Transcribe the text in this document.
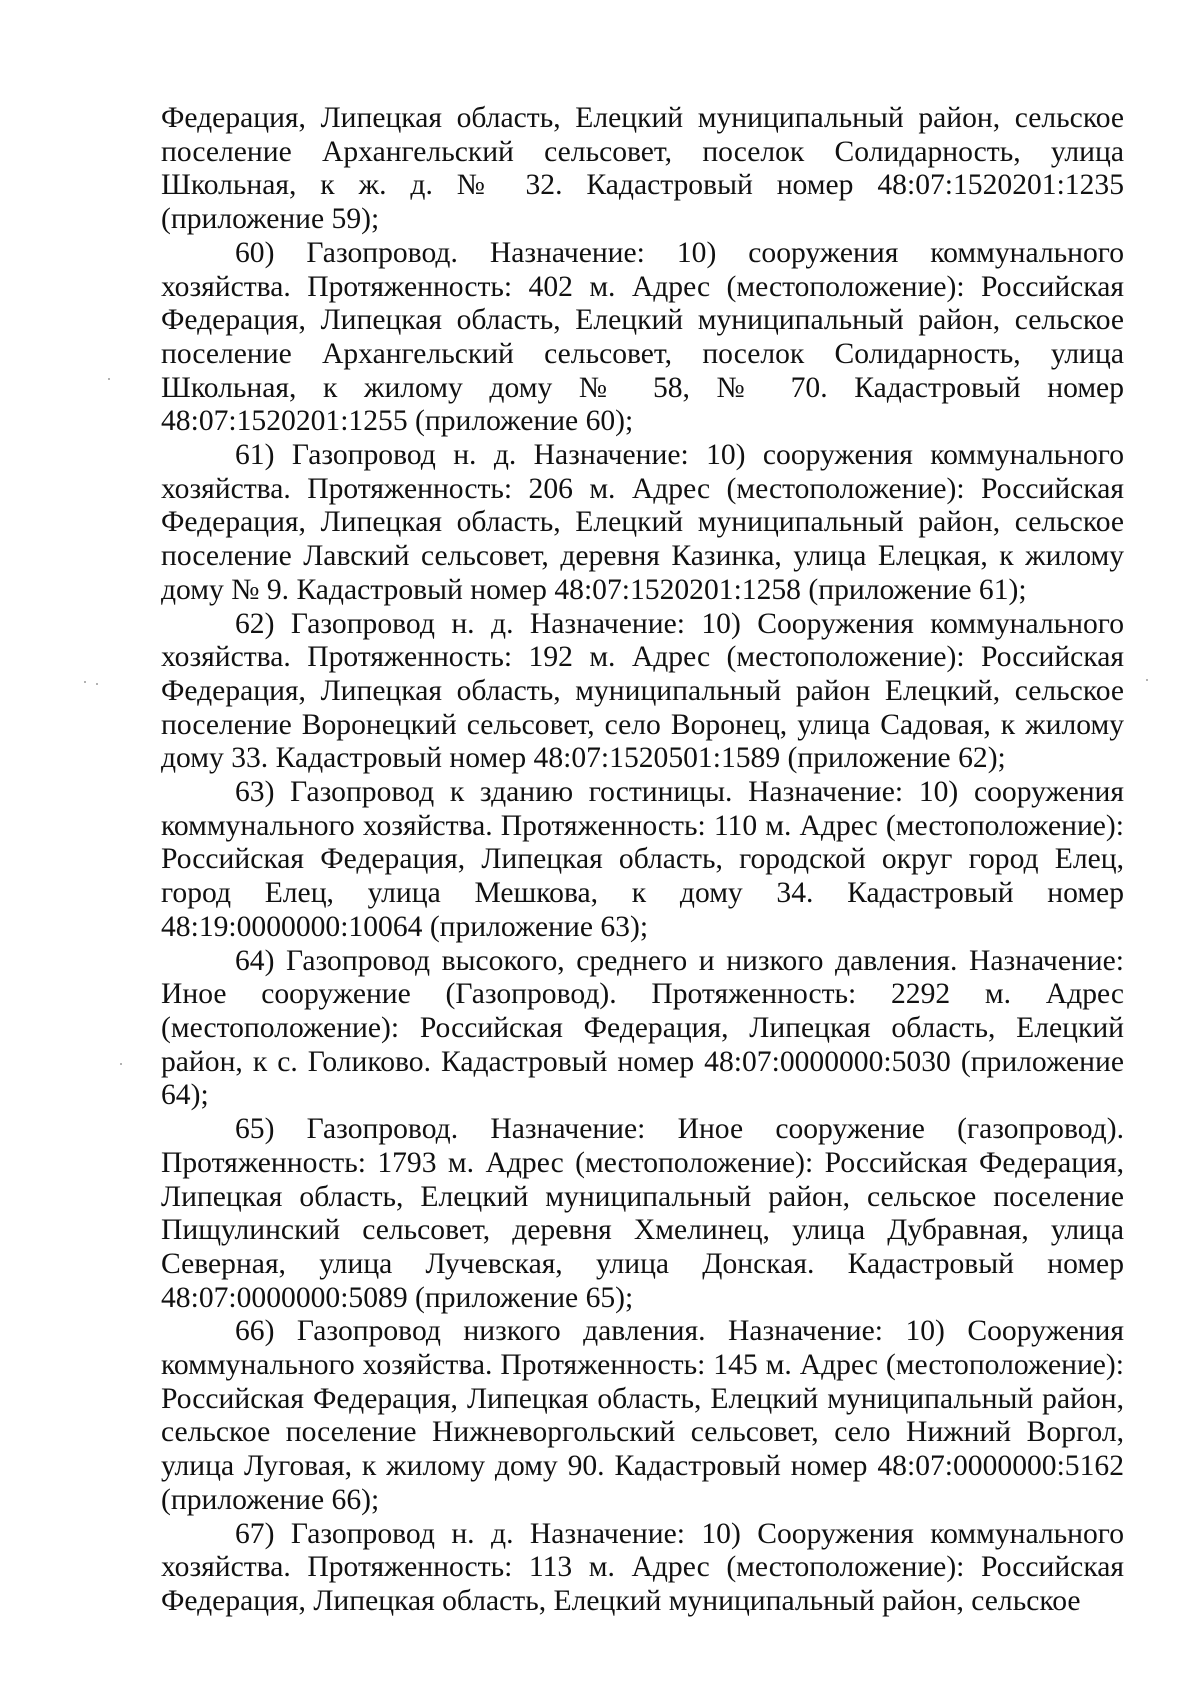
Федерация, Липецкая область, Елецкий муниципальный район, сельское поселение Архангельский сельсовет, поселок Солидарность, улица Школьная, к ж. д. № 32. Кадастровый номер 48:07:1520201:1235 (приложение 59);

60) Газопровод. Назначение: 10) сооружения коммунального хозяйства. Протяженность: 402 м. Адрес (местоположение): Российская Федерация, Липецкая область, Елецкий муниципальный район, сельское поселение Архангельский сельсовет, поселок Солидарность, улица Школьная, к жилому дому № 58, № 70. Кадастровый номер 48:07:1520201:1255 (приложение 60);

61) Газопровод н. д. Назначение: 10) сооружения коммунального хозяйства. Протяженность: 206 м. Адрес (местоположение): Российская Федерация, Липецкая область, Елецкий муниципальный район, сельское поселение Лавский сельсовет, деревня Казинка, улица Елецкая, к жилому дому № 9. Кадастровый номер 48:07:1520201:1258 (приложение 61);

62) Газопровод н. д. Назначение: 10) Сооружения коммунального хозяйства. Протяженность: 192 м. Адрес (местоположение): Российская Федерация, Липецкая область, муниципальный район Елецкий, сельское поселение Воронецкий сельсовет, село Воронец, улица Садовая, к жилому дому 33. Кадастровый номер 48:07:1520501:1589 (приложение 62);

63) Газопровод к зданию гостиницы. Назначение: 10) сооружения коммунального хозяйства. Протяженность: 110 м. Адрес (местоположение): Российская Федерация, Липецкая область, городской округ город Елец, город Елец, улица Мешкова, к дому 34. Кадастровый номер 48:19:0000000:10064 (приложение 63);

64) Газопровод высокого, среднего и низкого давления. Назначение: Иное сооружение (Газопровод). Протяженность: 2292 м. Адрес (местоположение): Российская Федерация, Липецкая область, Елецкий район, к с. Голиково. Кадастровый номер 48:07:0000000:5030 (приложение 64);

65) Газопровод. Назначение: Иное сооружение (газопровод). Протяженность: 1793 м. Адрес (местоположение): Российская Федерация, Липецкая область, Елецкий муниципальный район, сельское поселение Пищулинский сельсовет, деревня Хмелинец, улица Дубравная, улица Северная, улица Лучевская, улица Донская. Кадастровый номер 48:07:0000000:5089 (приложение 65);

66) Газопровод низкого давления. Назначение: 10) Сооружения коммунального хозяйства. Протяженность: 145 м. Адрес (местоположение): Российская Федерация, Липецкая область, Елецкий муниципальный район, сельское поселение Нижневоргольский сельсовет, село Нижний Воргол, улица Луговая, к жилому дому 90. Кадастровый номер 48:07:0000000:5162 (приложение 66);

67) Газопровод н. д. Назначение: 10) Сооружения коммунального хозяйства. Протяженность: 113 м. Адрес (местоположение): Российская Федерация, Липецкая область, Елецкий муниципальный район, сельское
